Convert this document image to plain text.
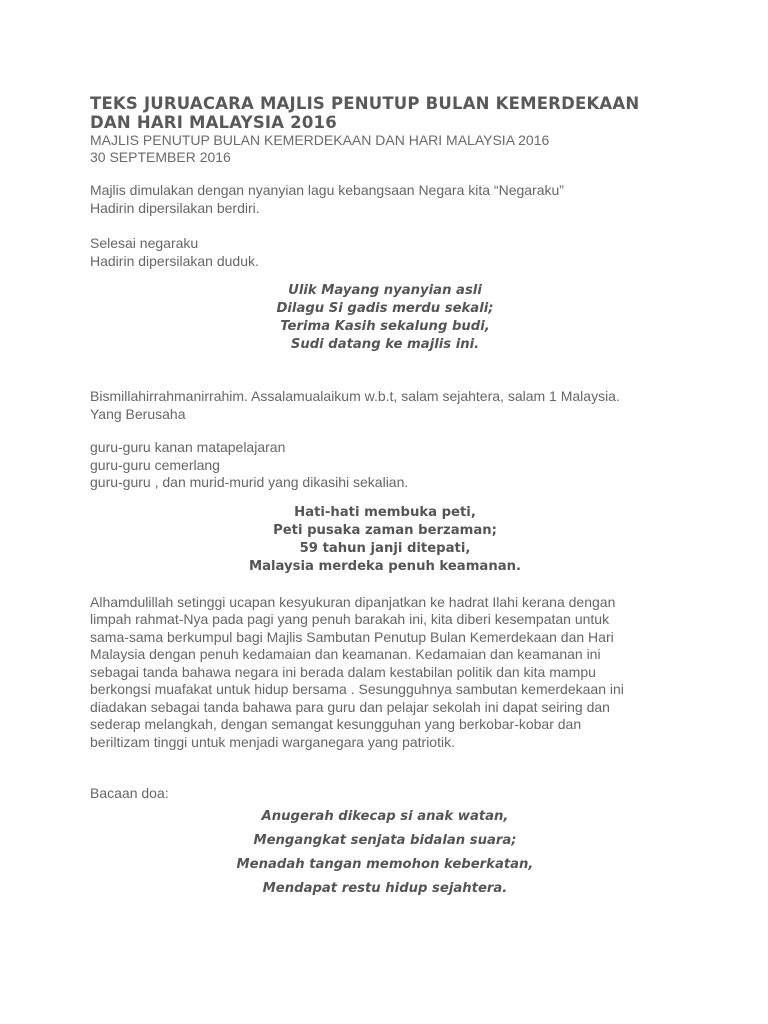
TEKS JURUACARA MAJLIS PENUTUP BULAN KEMERDEKAAN
DAN HARI MALAYSIA 2016
MAJLIS PENUTUP BULAN KEMERDEKAAN DAN HARI MALAYSIA 2016
30 SEPTEMBER 2016
Majlis dimulakan dengan nyanyian lagu kebangsaan Negara kita “Negaraku”
Hadirin dipersilakan berdiri.
Selesai negaraku
Hadirin dipersilakan duduk.
Ulik Mayang nyanyian asli
Dilagu Si gadis merdu sekali;
Terima Kasih sekalung budi,
Sudi datang ke majlis ini.
Bismillahirrahmanirrahim. Assalamualaikum w.b.t, salam sejahtera, salam 1 Malaysia.
Yang Berusaha
guru-guru kanan matapelajaran
guru-guru cemerlang
guru-guru , dan murid-murid yang dikasihi sekalian.
Hati-hati membuka peti,
Peti pusaka zaman berzaman;
59 tahun janji ditepati,
Malaysia merdeka penuh keamanan.
Alhamdulillah setinggi ucapan kesyukuran dipanjatkan ke hadrat Ilahi kerana dengan
limpah rahmat-Nya pada pagi yang penuh barakah ini, kita diberi kesempatan untuk
sama-sama berkumpul bagi Majlis Sambutan Penutup Bulan Kemerdekaan dan Hari
Malaysia dengan penuh kedamaian dan keamanan. Kedamaian dan keamanan ini
sebagai tanda bahawa negara ini berada dalam kestabilan politik dan kita mampu
berkongsi muafakat untuk hidup bersama . Sesungguhnya sambutan kemerdekaan ini
diadakan sebagai tanda bahawa para guru dan pelajar sekolah ini dapat seiring dan
sederap melangkah, dengan semangat kesungguhan yang berkobar-kobar dan
beriltizam tinggi untuk menjadi warganegara yang patriotik.
Bacaan doa:
Anugerah dikecap si anak watan,
Mengangkat senjata bidalan suara;
Menadah tangan memohon keberkatan,
Mendapat restu hidup sejahtera.
